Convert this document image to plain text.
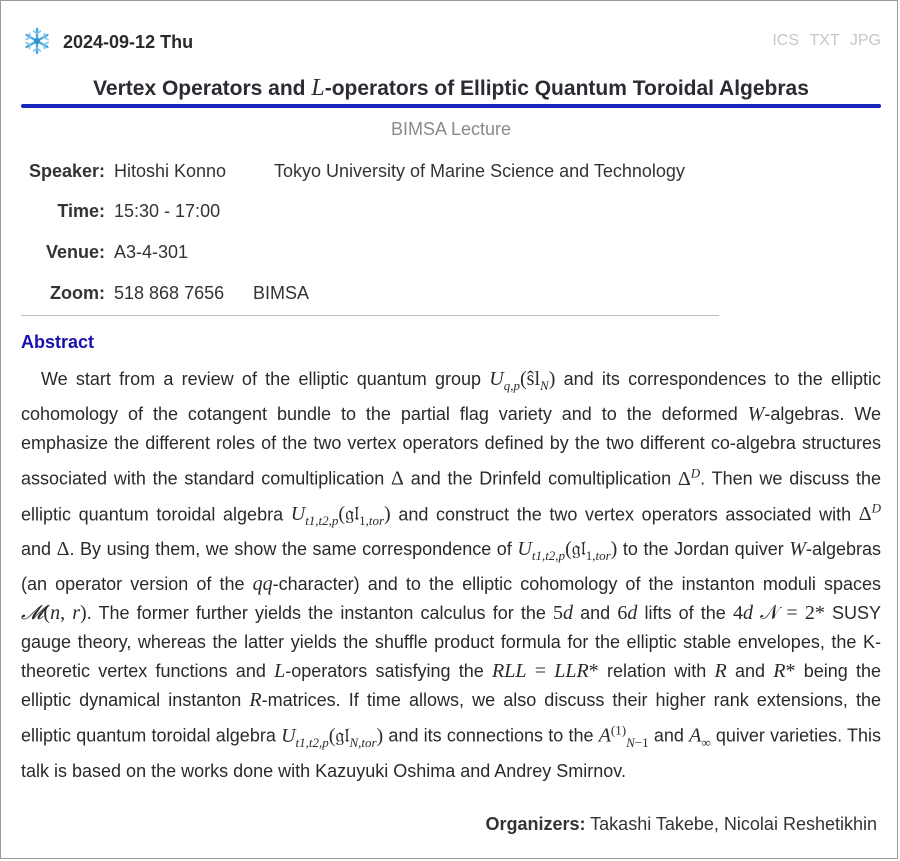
2024-09-12 Thu	ICS TXT JPG
Vertex Operators and L-operators of Elliptic Quantum Toroidal Algebras
BIMSA Lecture
Speaker: Hitoshi Konno	Tokyo University of Marine Science and Technology
Time: 15:30 - 17:00
Venue: A3-4-301
Zoom: 518 868 7656 BIMSA
Abstract
We start from a review of the elliptic quantum group $U_{q,p}(ŝl_N)$ and its correspondences to the elliptic cohomology of the cotangent bundle to the partial flag variety and to the deformed W-algebras. We emphasize the different roles of the two vertex operators defined by the two different co-algebra structures associated with the standard comultiplication Δ and the Drinfeld comultiplication $\Delta^D$. Then we discuss the elliptic quantum toroidal algebra $U_{t1,t2,p}(𝔤𝔩_{1,tor})$ and construct the two vertex operators associated with $\Delta^D$ and Δ. By using them, we show the same correspondence of $U_{t1,t2,p}(𝔤𝔩_{1,tor})$ to the Jordan quiver W-algebras (an operator version of the qq-character) and to the elliptic cohomology of the instanton moduli spaces 𝓜(n, r). The former further yields the instanton calculus for the 5d and 6d lifts of the 4d 𝒩 = 2* SUSY gauge theory, whereas the latter yields the shuffle product formula for the elliptic stable envelopes, the K-theoretic vertex functions and L-operators satisfying the RLL = LLR* relation with R and R* being the elliptic dynamical instanton R-matrices. If time allows, we also discuss their higher rank extensions, the elliptic quantum toroidal algebra $U_{t1,t2,p}(𝔤𝔩_{N,tor})$ and its connections to the $A^{(1)}_{N-1}$ and $A_\infty$ quiver varieties. This talk is based on the works done with Kazuyuki Oshima and Andrey Smirnov.
Organizers: Takashi Takebe, Nicolai Reshetikhin
